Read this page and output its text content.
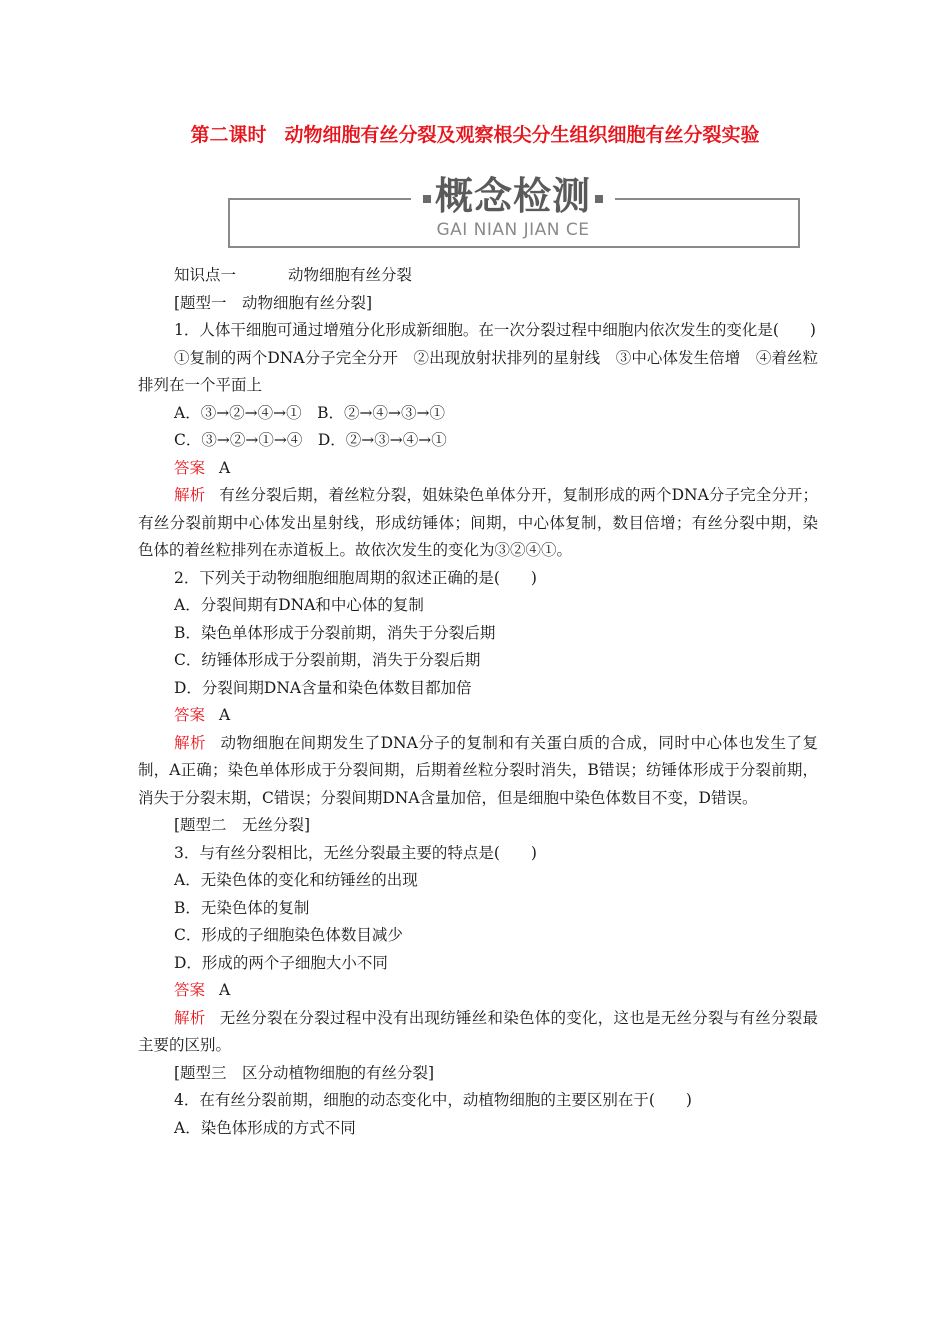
第二课时 动物细胞有丝分裂及观察根尖分生组织细胞有丝分裂实验
概念检测
GAI NIAN JIAN CE

知识点一	动物细胞有丝分裂

[题型一　动物细胞有丝分裂]

1．人体干细胞可通过增殖分化形成新细胞。在一次分裂过程中细胞内依次发生的变化是(　　)

①复制的两个DNA分子完全分开　②出现放射状排列的星射线　③中心体发生倍增　④着丝粒排列在一个平面上

A．③→②→④→①　B．②→④→③→①

C．③→②→①→④　D．②→③→④→①

答案 A

解析 有丝分裂后期，着丝粒分裂，姐妹染色单体分开，复制形成的两个DNA分子完全分开；有丝分裂前期中心体发出星射线，形成纺锤体；间期，中心体复制，数目倍增；有丝分裂中期，染色体的着丝粒排列在赤道板上。故依次发生的变化为③②④①。

2．下列关于动物细胞细胞周期的叙述正确的是(　　)

A．分裂间期有DNA和中心体的复制

B．染色单体形成于分裂前期，消失于分裂后期

C．纺锤体形成于分裂前期，消失于分裂后期

D．分裂间期DNA含量和染色体数目都加倍

答案 A

解析 动物细胞在间期发生了DNA分子的复制和有关蛋白质的合成，同时中心体也发生了复制，A正确；染色单体形成于分裂间期，后期着丝粒分裂时消失，B错误；纺锤体形成于分裂前期，消失于分裂末期，C错误；分裂间期DNA含量加倍，但是细胞中染色体数目不变，D错误。

[题型二　无丝分裂]

3．与有丝分裂相比，无丝分裂最主要的特点是(　　)

A．无染色体的变化和纺锤丝的出现

B．无染色体的复制

C．形成的子细胞染色体数目减少

D．形成的两个子细胞大小不同

答案 A

解析 无丝分裂在分裂过程中没有出现纺锤丝和染色体的变化，这也是无丝分裂与有丝分裂最主要的区别。

[题型三　区分动植物细胞的有丝分裂]

4．在有丝分裂前期，细胞的动态变化中，动植物细胞的主要区别在于(　　)

A．染色体形成的方式不同
